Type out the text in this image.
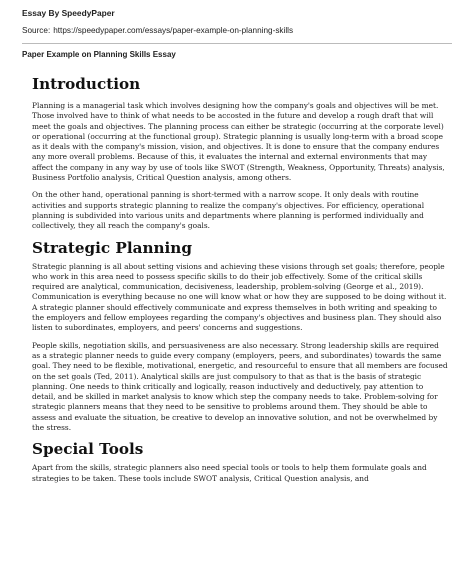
Essay By SpeedyPaper
Source: https://speedypaper.com/essays/paper-example-on-planning-skills
Paper Example on Planning Skills Essay
Introduction

Planning is a managerial task which involves designing how the company's goals and objectives will be met. Those involved have to think of what needs to be accosted in the future and develop a rough draft that will meet the goals and objectives. The planning process can either be strategic (occurring at the corporate level) or operational (occurring at the functional group). Strategic planning is usually long-term with a broad scope as it deals with the company's mission, vision, and objectives. It is done to ensure that the company endures any more overall problems. Because of this, it evaluates the internal and external environments that may affect the company in any way by use of tools like SWOT (Strength, Weakness, Opportunity, Threats) analysis, Business Portfolio analysis, Critical Question analysis, among others.

On the other hand, operational panning is short-termed with a narrow scope. It only deals with routine activities and supports strategic planning to realize the company's objectives. For efficiency, operational planning is subdivided into various units and departments where planning is performed individually and collectively, they all reach the company's goals.

Strategic Planning

Strategic planning is all about setting visions and achieving these visions through set goals; therefore, people who work in this area need to possess specific skills to do their job effectively. Some of the critical skills required are analytical, communication, decisiveness, leadership, problem-solving (George et al., 2019). Communication is everything because no one will know what or how they are supposed to be doing without it. A strategic planner should effectively communicate and express themselves in both writing and speaking to the employers and fellow employees regarding the company's objectives and business plan. They should also listen to subordinates, employers, and peers' concerns and suggestions.

People skills, negotiation skills, and persuasiveness are also necessary. Strong leadership skills are required as a strategic planner needs to guide every company (employers, peers, and subordinates) towards the same goal. They need to be flexible, motivational, energetic, and resourceful to ensure that all members are focused on the set goals (Ted, 2011). Analytical skills are just compulsory to that as that is the basis of strategic planning. One needs to think critically and logically, reason inductively and deductively, pay attention to detail, and be skilled in market analysis to know which step the company needs to take. Problem-solving for strategic planners means that they need to be sensitive to problems around them. They should be able to assess and evaluate the situation, be creative to develop an innovative solution, and not be overwhelmed by the stress.

Special Tools

Apart from the skills, strategic planners also need special tools or tools to help them formulate goals and strategies to be taken. These tools include SWOT analysis, Critical Question analysis, and
